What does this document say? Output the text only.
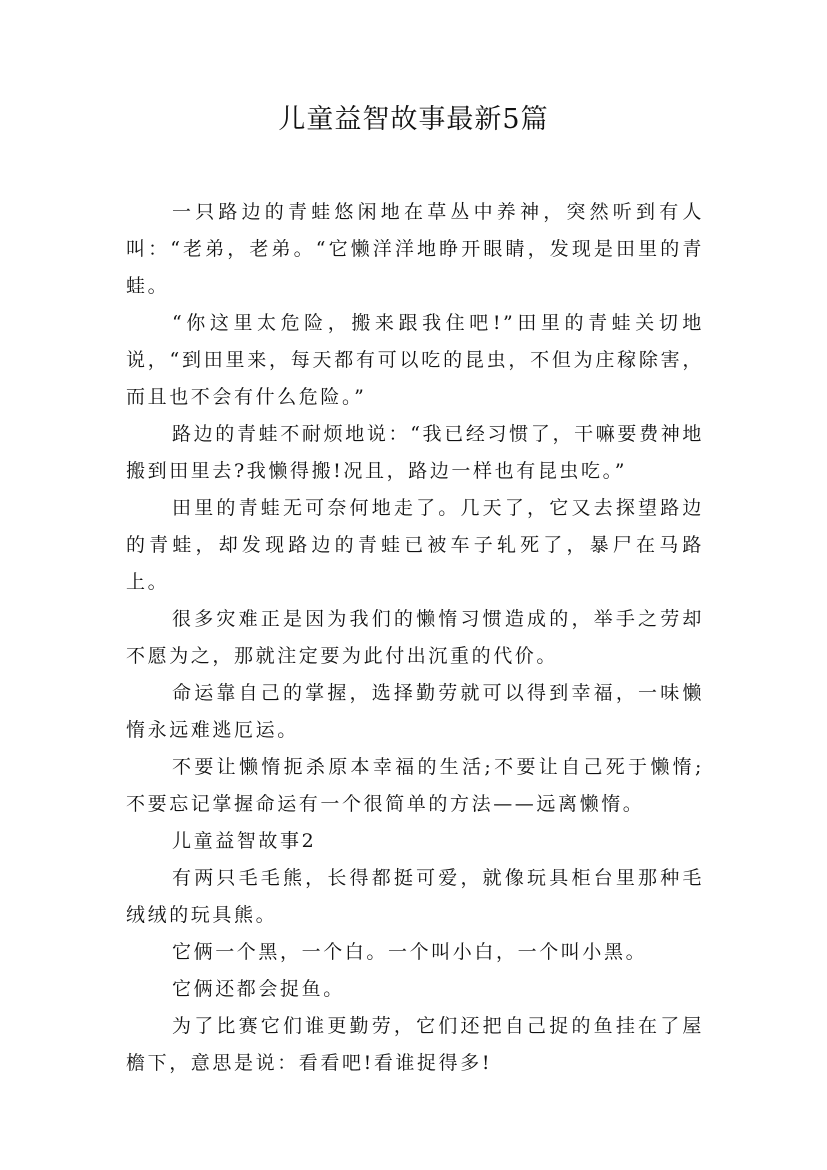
儿童益智故事最新5篇

一只路边的青蛙悠闲地在草丛中养神，突然听到有人叫：“老弟，老弟。“它懒洋洋地睁开眼睛，发现是田里的青蛙。

“你这里太危险，搬来跟我住吧!”田里的青蛙关切地说，“到田里来，每天都有可以吃的昆虫，不但为庄稼除害，而且也不会有什么危险。”

路边的青蛙不耐烦地说：“我已经习惯了，干嘛要费神地搬到田里去?我懒得搬!况且，路边一样也有昆虫吃。”

田里的青蛙无可奈何地走了。几天了，它又去探望路边的青蛙，却发现路边的青蛙已被车子轧死了，暴尸在马路上。

很多灾难正是因为我们的懒惰习惯造成的，举手之劳却不愿为之，那就注定要为此付出沉重的代价。

命运靠自己的掌握，选择勤劳就可以得到幸福，一味懒惰永远难逃厄运。

不要让懒惰扼杀原本幸福的生活;不要让自己死于懒惰;不要忘记掌握命运有一个很简单的方法——远离懒惰。

儿童益智故事2

有两只毛毛熊，长得都挺可爱，就像玩具柜台里那种毛绒绒的玩具熊。

它俩一个黑，一个白。一个叫小白，一个叫小黑。

它俩还都会捉鱼。

为了比赛它们谁更勤劳，它们还把自己捉的鱼挂在了屋檐下，意思是说：看看吧!看谁捉得多!
